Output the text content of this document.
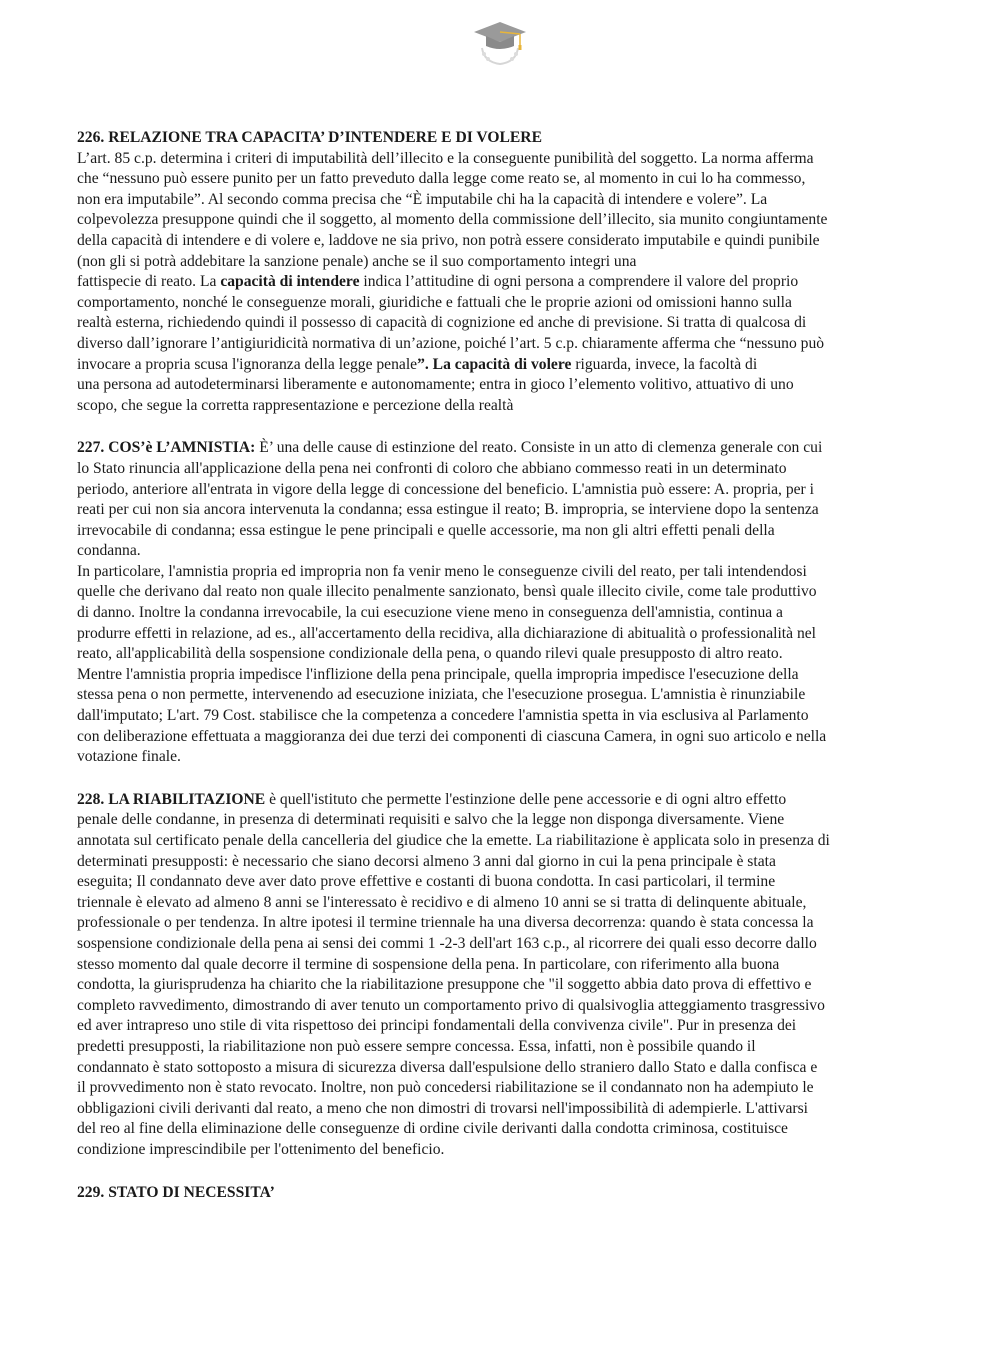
226. RELAZIONE TRA CAPACITA’ D’INTENDERE E DI VOLERE
L’art. 85 c.p. determina i criteri di imputabilità dell’illecito e la conseguente punibilità del soggetto. La norma afferma
che “nessuno può essere punito per un fatto preveduto dalla legge come reato se, al momento in cui lo ha commesso,
non era imputabile”. Al secondo comma precisa che “È imputabile chi ha la capacità di intendere e volere”. La
colpevolezza presuppone quindi che il soggetto, al momento della commissione dell’illecito, sia munito congiuntamente
della capacità di intendere e di volere e, laddove ne sia privo, non potrà essere considerato imputabile e quindi punibile
(non gli si potrà addebitare la sanzione penale) anche se il suo comportamento integri una
fattispecie di reato. La capacità di intendere indica l’attitudine di ogni persona a comprendere il valore del proprio
comportamento, nonché le conseguenze morali, giuridiche e fattuali che le proprie azioni od omissioni hanno sulla
realtà esterna, richiedendo quindi il possesso di capacità di cognizione ed anche di previsione. Si tratta di qualcosa di
diverso dall’ignorare l’antigiuridicità normativa di un’azione, poiché l’art. 5 c.p. chiaramente afferma che “nessuno può
invocare a propria scusa l'ignoranza della legge penale”. La capacità di volere riguarda, invece, la facoltà di
una persona ad autodeterminarsi liberamente e autonomamente; entra in gioco l’elemento volitivo, attuativo di uno
scopo, che segue la corretta rappresentazione e percezione della realtà

227. COS’è L’AMNISTIA: È’ una delle cause di estinzione del reato. Consiste in un atto di clemenza generale con cui
lo Stato rinuncia all'applicazione della pena nei confronti di coloro che abbiano commesso reati in un determinato
periodo, anteriore all'entrata in vigore della legge di concessione del beneficio. L'amnistia può essere: A. propria, per i
reati per cui non sia ancora intervenuta la condanna; essa estingue il reato; B. impropria, se interviene dopo la sentenza
irrevocabile di condanna; essa estingue le pene principali e quelle accessorie, ma non gli altri effetti penali della
condanna.
In particolare, l'amnistia propria ed impropria non fa venir meno le conseguenze civili del reato, per tali intendendosi
quelle che derivano dal reato non quale illecito penalmente sanzionato, bensì quale illecito civile, come tale produttivo
di danno. Inoltre la condanna irrevocabile, la cui esecuzione viene meno in conseguenza dell'amnistia, continua a
produrre effetti in relazione, ad es., all'accertamento della recidiva, alla dichiarazione di abitualità o professionalità nel
reato, all'applicabilità della sospensione condizionale della pena, o quando rilevi quale presupposto di altro reato.
Mentre l'amnistia propria impedisce l'inflizione della pena principale, quella impropria impedisce l'esecuzione della
stessa pena o non permette, intervenendo ad esecuzione iniziata, che l'esecuzione prosegua. L'amnistia è rinunziabile
dall'imputato; L'art. 79 Cost. stabilisce che la competenza a concedere l'amnistia spetta in via esclusiva al Parlamento
con deliberazione effettuata a maggioranza dei due terzi dei componenti di ciascuna Camera, in ogni suo articolo e nella
votazione finale.

228. LA RIABILITAZIONE è quell'istituto che permette l'estinzione delle pene accessorie e di ogni altro effetto
penale delle condanne, in presenza di determinati requisiti e salvo che la legge non disponga diversamente. Viene
annotata sul certificato penale della cancelleria del giudice che la emette. La riabilitazione è applicata solo in presenza di
determinati presupposti: è necessario che siano decorsi almeno 3 anni dal giorno in cui la pena principale è stata
eseguita; Il condannato deve aver dato prove effettive e costanti di buona condotta. In casi particolari, il termine
triennale è elevato ad almeno 8 anni se l'interessato è recidivo e di almeno 10 anni se si tratta di delinquente abituale,
professionale o per tendenza. In altre ipotesi il termine triennale ha una diversa decorrenza: quando è stata concessa la
sospensione condizionale della pena ai sensi dei commi 1 -2-3 dell'art 163 c.p., al ricorrere dei quali esso decorre dallo
stesso momento dal quale decorre il termine di sospensione della pena. In particolare, con riferimento alla buona
condotta, la giurisprudenza ha chiarito che la riabilitazione presuppone che "il soggetto abbia dato prova di effettivo e
completo ravvedimento, dimostrando di aver tenuto un comportamento privo di qualsivoglia atteggiamento trasgressivo
ed aver intrapreso uno stile di vita rispettoso dei principi fondamentali della convivenza civile". Pur in presenza dei
predetti presupposti, la riabilitazione non può essere sempre concessa. Essa, infatti, non è possibile quando il
condannato è stato sottoposto a misura di sicurezza diversa dall'espulsione dello straniero dallo Stato e dalla confisca e
il provvedimento non è stato revocato. Inoltre, non può concedersi riabilitazione se il condannato non ha adempiuto le
obbligazioni civili derivanti dal reato, a meno che non dimostri di trovarsi nell'impossibilità di adempierle. L'attivarsi
del reo al fine della eliminazione delle conseguenze di ordine civile derivanti dalla condotta criminosa, costituisce
condizione imprescindibile per l'ottenimento del beneficio.

229. STATO DI NECESSITA’
